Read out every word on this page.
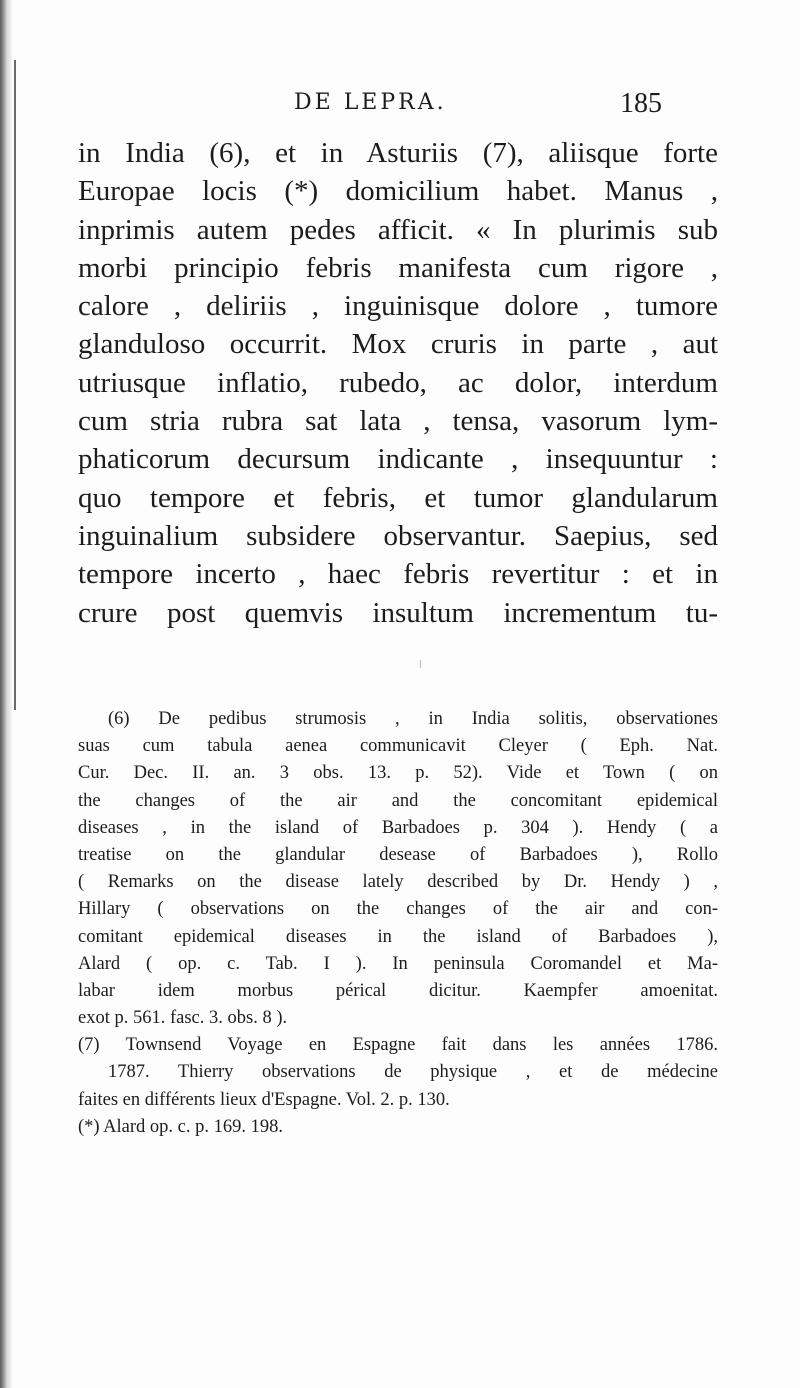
DE LEPRA.	185
in India (6), et in Asturiis (7), aliisque forte
Europae locis (*) domicilium habet. Manus ,
inprimis autem pedes afficit. « In plurimis sub
morbi principio febris manifesta cum rigore ,
calore , deliriis , inguinisque dolore , tumore
glanduloso occurrit. Mox cruris in parte , aut
utriusque inflatio, rubedo, ac dolor, interdum
cum stria rubra sat lata , tensa, vasorum lym-
phaticorum decursum indicante , insequuntur :
quo tempore et febris, et tumor glandularum
inguinalium subsidere observantur. Saepius, sed
tempore incerto , haec febris revertitur : et in
crure post quemvis insultum incrementum tu-
(6) De pedibus strumosis , in India solitis, observationes
suas cum tabula aenea communicavit Cleyer ( Eph. Nat.
Cur. Dec. II. an. 3 obs. 13. p. 52). Vide et Town ( on
the changes of the air and the concomitant epidemical
diseases , in the island of Barbadoes p. 304 ). Hendy ( a
treatise on the glandular desease of Barbadoes ), Rollo
( Remarks on the disease lately described by Dr. Hendy ) ,
Hillary ( observations on the changes of the air and con-
comitant epidemical diseases in the island of Barbadoes ),
Alard ( op. c. Tab. I ). In peninsula Coromandel et Ma-
labar idem morbus pérical dicitur. Kaempfer amoenitat.
exot p. 561. fasc. 3. obs. 8 ).
(7) Townsend Voyage en Espagne fait dans les années 1786.
1787. Thierry observations de physique , et de médecine
faites en différents lieux d'Espagne. Vol. 2. p. 130.
(*) Alard op. c. p. 169. 198.
